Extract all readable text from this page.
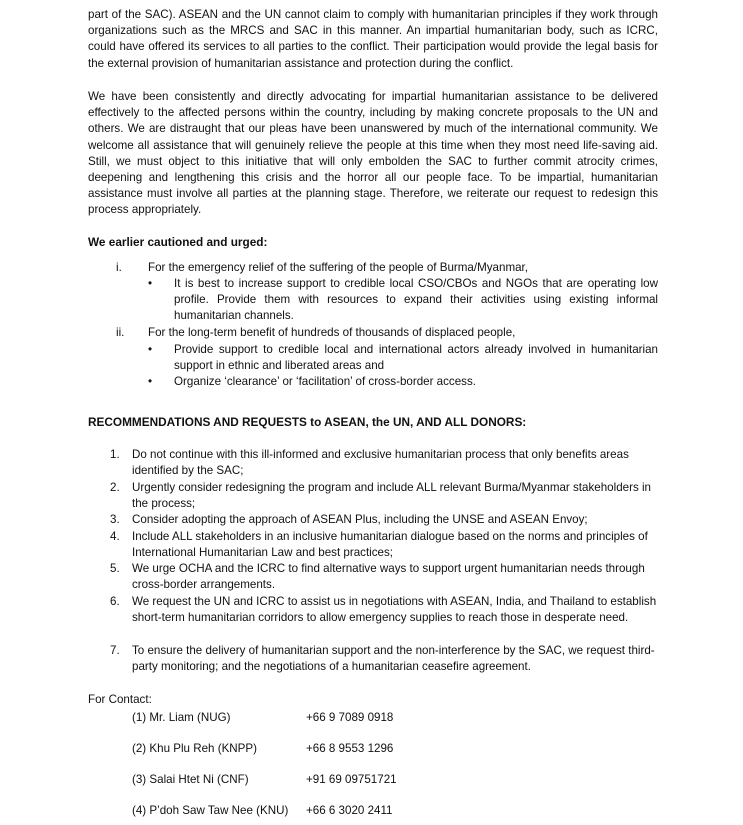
part of the SAC). ASEAN and the UN cannot claim to comply with humanitarian principles if they work through organizations such as the MRCS and SAC in this manner. An impartial humanitarian body, such as ICRC, could have offered its services to all parties to the conflict. Their participation would provide the legal basis for the external provision of humanitarian assistance and protection during the conflict.

We have been consistently and directly advocating for impartial humanitarian assistance to be delivered effectively to the affected persons within the country, including by making concrete proposals to the UN and others. We are distraught that our pleas have been unanswered by much of the international community. We welcome all assistance that will genuinely relieve the people at this time when they most need life-saving aid. Still, we must object to this initiative that will only embolden the SAC to further commit atrocity crimes, deepening and lengthening this crisis and the horror all our people face. To be impartial, humanitarian assistance must involve all parties at the planning stage. Therefore, we reiterate our request to redesign this process appropriately.

We earlier cautioned and urged:

i. For the emergency relief of the suffering of the people of Burma/Myanmar,
• It is best to increase support to credible local CSO/CBOs and NGOs that are operating low profile. Provide them with resources to expand their activities using existing informal humanitarian channels.
ii. For the long-term benefit of hundreds of thousands of displaced people,
• Provide support to credible local and international actors already involved in humanitarian support in ethnic and liberated areas and
• Organize ‘clearance’ or ‘facilitation’ of cross-border access.

RECOMMENDATIONS AND REQUESTS to ASEAN, the UN, AND ALL DONORS:

1. Do not continue with this ill-informed and exclusive humanitarian process that only benefits areas identified by the SAC;
2. Urgently consider redesigning the program and include ALL relevant Burma/Myanmar stakeholders in the process;
3. Consider adopting the approach of ASEAN Plus, including the UNSE and ASEAN Envoy;
4. Include ALL stakeholders in an inclusive humanitarian dialogue based on the norms and principles of International Humanitarian Law and best practices;
5. We urge OCHA and the ICRC to find alternative ways to support urgent humanitarian needs through cross-border arrangements.
6. We request the UN and ICRC to assist us in negotiations with ASEAN, India, and Thailand to establish short-term humanitarian corridors to allow emergency supplies to reach those in desperate need.
7. To ensure the delivery of humanitarian support and the non-interference by the SAC, we request third-party monitoring; and the negotiations of a humanitarian ceasefire agreement.
For Contact:
(1) Mr. Liam (NUG)	+66 9 7089 0918
(2) Khu Plu Reh (KNPP)	+66 8 9553 1296
(3) Salai Htet Ni (CNF)	+91 69 09751721
(4) P’doh Saw Taw Nee (KNU) +66 6 3020 2411
